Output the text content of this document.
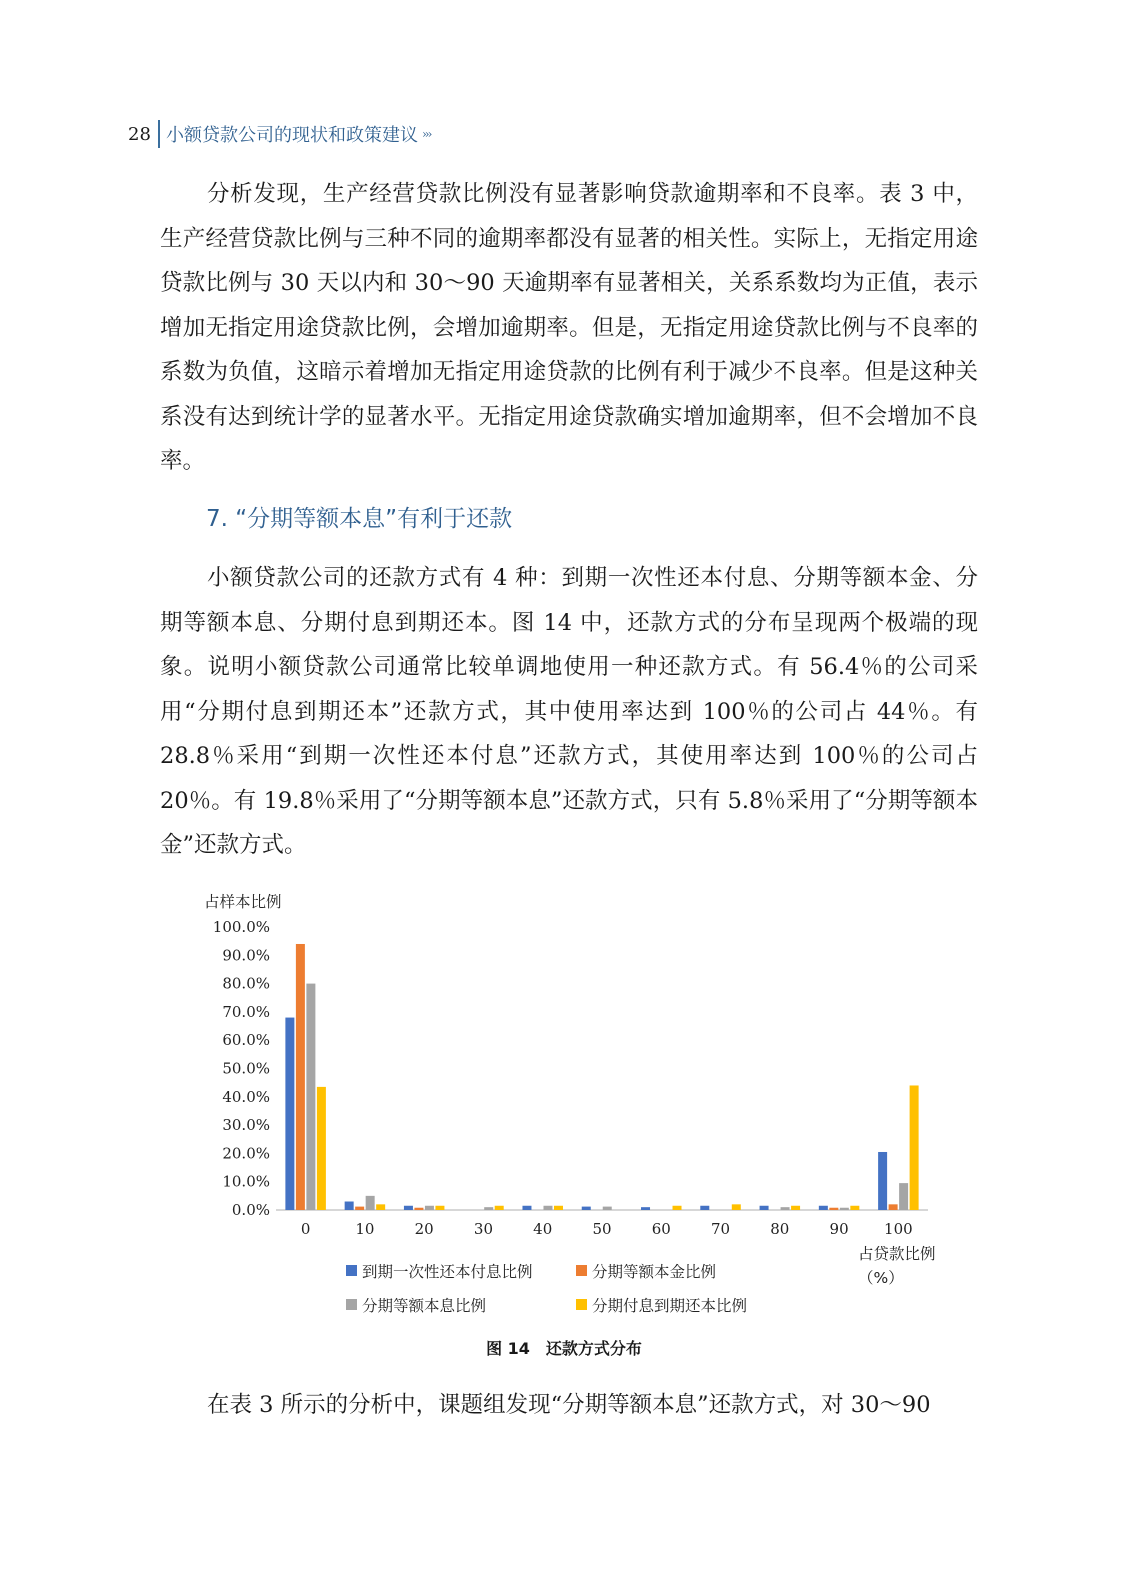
28 小额贷款公司的现状和政策建议 ›››

分析发现，生产经营贷款比例没有显著影响贷款逾期率和不良率。表 3 中，生产经营贷款比例与三种不同的逾期率都没有显著的相关性。实际上，无指定用途贷款比例与 30 天以内和 30～90 天逾期率有显著相关，关系系数均为正值，表示增加无指定用途贷款比例，会增加逾期率。但是，无指定用途贷款比例与不良率的系数为负值，这暗示着增加无指定用途贷款的比例有利于减少不良率。但是这种关系没有达到统计学的显著水平。无指定用途贷款确实增加逾期率，但不会增加不良率。

7. “分期等额本息”有利于还款

小额贷款公司的还款方式有 4 种：到期一次性还本付息、分期等额本金、分期等额本息、分期付息到期还本。图 14 中，还款方式的分布呈现两个极端的现象。说明小额贷款公司通常比较单调地使用一种还款方式。有 56.4％的公司采用“分期付息到期还本”还款方式，其中使用率达到 100％的公司占 44％。有 28.8％采用“到期一次性还本付息”还款方式，其使用率达到 100％的公司占 20％。有 19.8％采用了“分期等额本息”还款方式，只有 5.8％采用了“分期等额本金”还款方式。

占样本比例
0.0%
10.0%
20.0%
30.0%
40.0%
50.0%
60.0%
70.0%
80.0%
90.0%
100.0%
0	10	20	30	40	50	60	70	80	90 100
占贷款比例
（%）
到期一次性还本付息比例	分期等额本金比例
分期等额本息比例	分期付息到期还本比例
图 14　还款方式分布

在表 3 所示的分析中，课题组发现“分期等额本息”还款方式，对 30～90
